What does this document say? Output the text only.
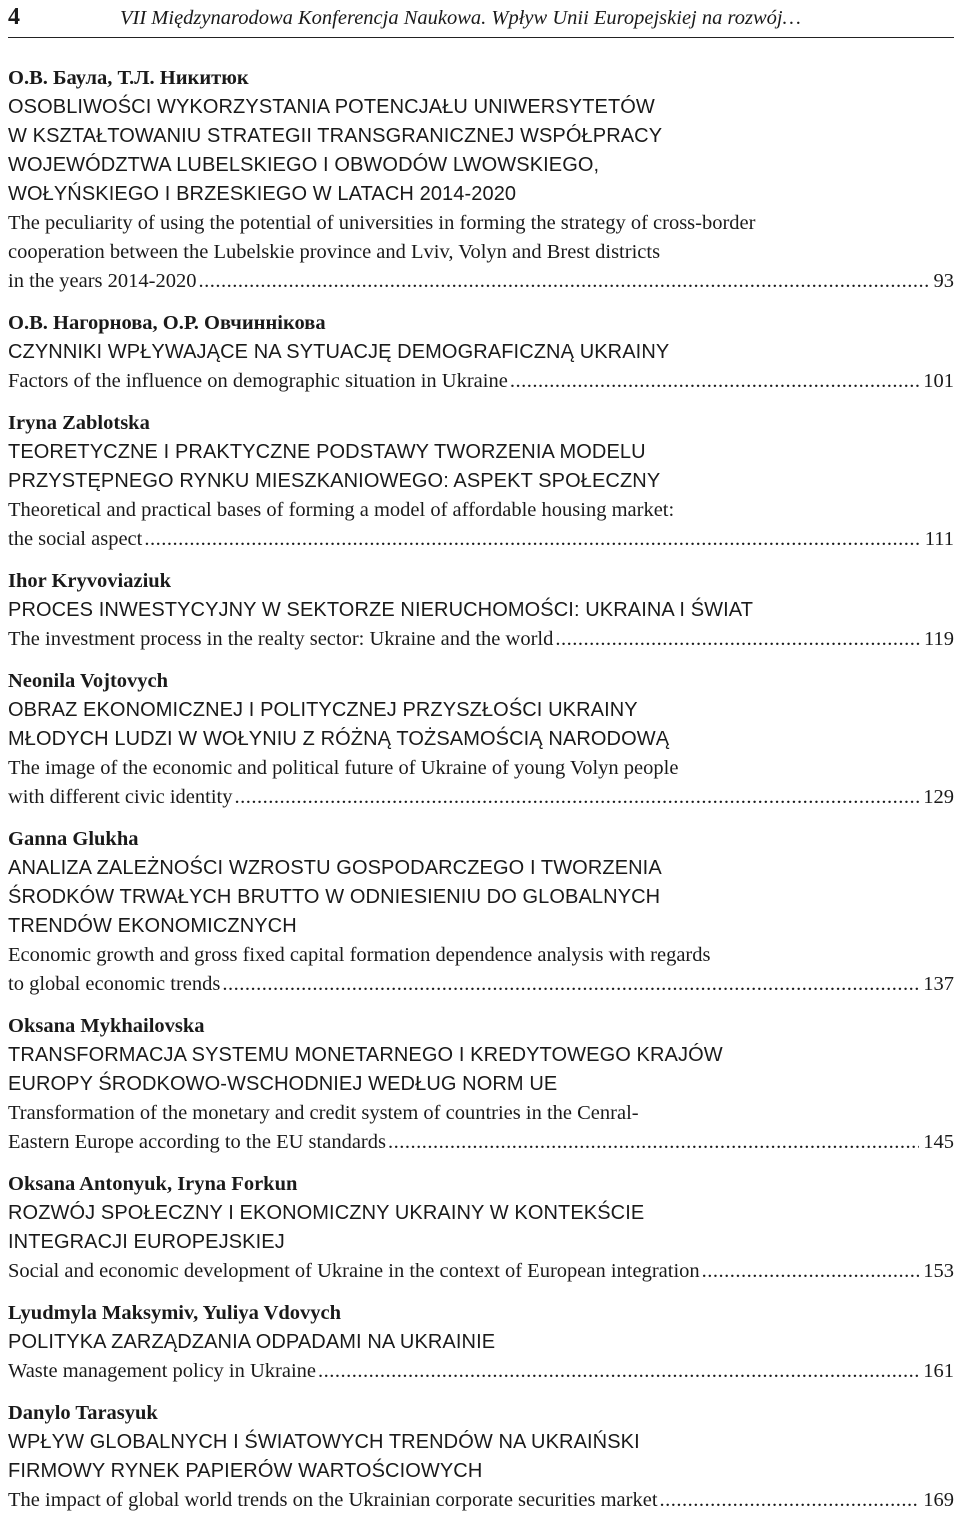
4	VII Międzynarodowa Konferencja Naukowa. Wpływ Unii Europejskiej na rozwój…
O.B. Баула, Т.Л. Никитюк
OSOBLIWOŚCI WYKORZYSTANIA POTENCJAŁU UNIWERSYTETÓW
W KSZTAŁTOWANIU STRATEGII TRANSGRANICZNEJ WSPÓŁPRACY
WOJEWÓDZTWA LUBELSKIEGO I OBWODÓW LWOWSKIEGO,
WOŁYŃSKIEGO I BRZESKIEGO W LATACH 2014-2020
The peculiarity of using the potential of universities in forming the strategy of cross-border
cooperation between the Lubelskie province and Lviv, Volyn and Brest districts
in the years 2014-2020 .....	93
O.B. Нагорнова, О.Р. Овчиннікова
CZYNNIKI WPŁYWAJĄCE NA SYTUACJĘ DEMOGRAFICZNĄ UKRAINY
Factors of the influence on demographic situation in Ukraine .....	101
Iryna Zablotska
TEORETYCZNE I PRAKTYCZNE PODSTAWY TWORZENIA MODELU
PRZYSTĘPNEGO RYNKU MIESZKANIOWEGO: ASPEKT SPOŁECZNY
Theoretical and practical bases of forming a model of affordable housing market:
the social aspect .....	111
Ihor Kryvoviaziuk
PROCES INWESTYCYJNY W SEKTORZE NIERUCHOMOŚCI: UKRAINA I ŚWIAT
The investment process in the realty sector: Ukraine and the world .....	119
Neonila Vojtovych
OBRAZ EKONOMICZNEJ I POLITYCZNEJ PRZYSZŁOŚCI UKRAINY
MŁODYCH LUDZI W WOŁYNIU Z RÓŻNĄ TOŻSAMOŚCIĄ NARODOWĄ
The image of the economic and political future of Ukraine of young Volyn people
with different civic identity .....	129
Ganna Glukha
ANALIZA ZALEŻNOŚCI WZROSTU GOSPODARCZEGO I TWORZENIA
ŚRODKÓW TRWAŁYCH BRUTTO W ODNIESIENIU DO GLOBALNYCH
TRENDÓW EKONOMICZNYCH
Economic growth and gross fixed capital formation dependence analysis with regards
to global economic trends .....	137
Oksana Mykhailovska
TRANSFORMACJA SYSTEMU MONETARNEGO I KREDYTOWEGO KRAJÓW
EUROPY ŚRODKOWO-WSCHODNIEJ WEDŁUG NORM UE
Transformation of the monetary and credit system of countries in the Cenral-
Eastern Europe according to the EU standards .....	145
Oksana Antonyuk, Iryna Forkun
ROZWÓJ SPOŁECZNY I EKONOMICZNY UKRAINY W KONTEKŚCIE
INTEGRACJI EUROPEJSKIEJ
Social and economic development of Ukraine in the context of European integration .....	153
Lyudmyla Maksymiv, Yuliya Vdovych
POLITYKA ZARZĄDZANIA ODPADAMI NA UKRAINIE
Waste management policy in Ukraine .....	161
Danylo Tarasyuk
WPŁYW GLOBALNYCH I ŚWIATOWYCH TRENDÓW NA UKRAIŃSKI
FIRMOWY RYNEK PAPIERÓW WARTOŚCIOWYCH
The impact of global world trends on the Ukrainian corporate securities market .....	169
